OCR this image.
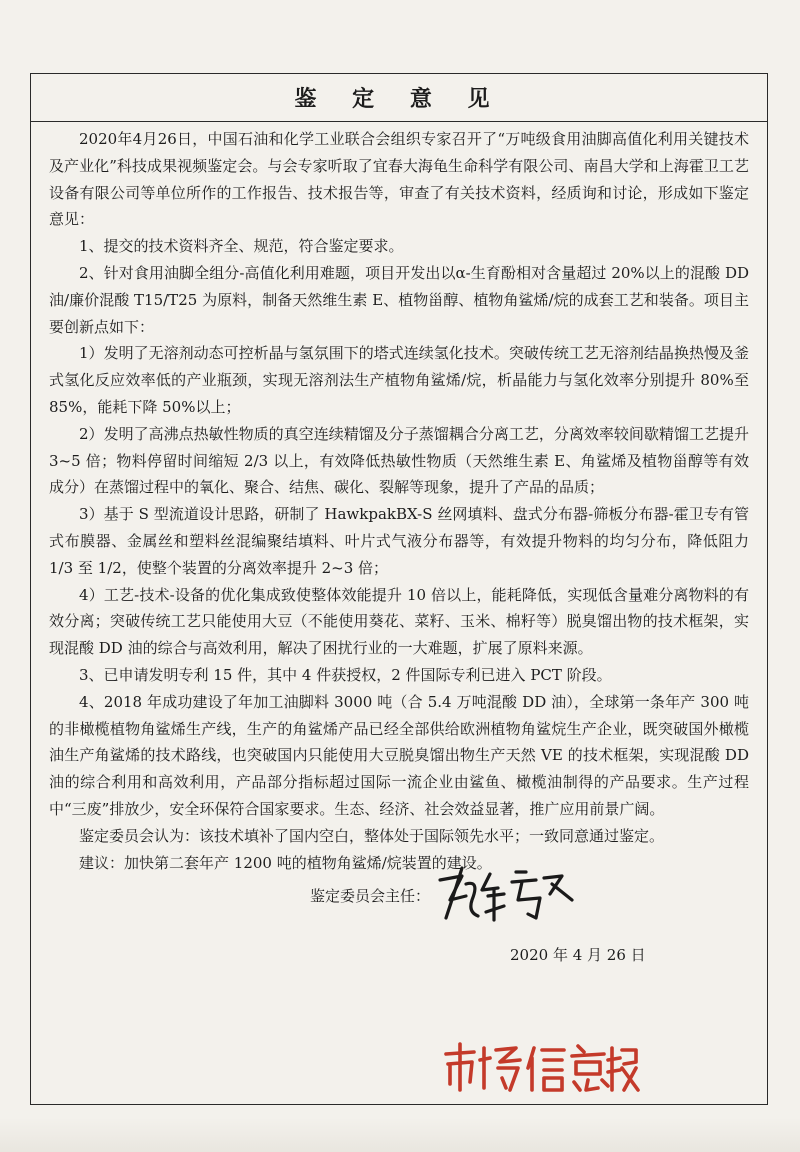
鉴 定 意 见

2020年4月26日，中国石油和化学工业联合会组织专家召开了“万吨级食用油脚高值化利用关键技术及产业化”科技成果视频鉴定会。与会专家听取了宜春大海龟生命科学有限公司、南昌大学和上海霍卫工艺设备有限公司等单位所作的工作报告、技术报告等，审查了有关技术资料，经质询和讨论，形成如下鉴定意见：

1、提交的技术资料齐全、规范，符合鉴定要求。

2、针对食用油脚全组分-高值化利用难题，项目开发出以α-生育酚相对含量超过 20%以上的混酸 DD 油/廉价混酸 T15/T25 为原料，制备天然维生素 E、植物甾醇、植物角鲨烯/烷的成套工艺和装备。项目主要创新点如下：

1）发明了无溶剂动态可控析晶与氢氛围下的塔式连续氢化技术。突破传统工艺无溶剂结晶换热慢及釜式氢化反应效率低的产业瓶颈，实现无溶剂法生产植物角鲨烯/烷，析晶能力与氢化效率分别提升 80%至 85%，能耗下降 50%以上；

2）发明了高沸点热敏性物质的真空连续精馏及分子蒸馏耦合分离工艺，分离效率较间歇精馏工艺提升 3~5 倍；物料停留时间缩短 2/3 以上，有效降低热敏性物质（天然维生素 E、角鲨烯及植物甾醇等有效成分）在蒸馏过程中的氧化、聚合、结焦、碳化、裂解等现象，提升了产品的品质；

3）基于 S 型流道设计思路，研制了 HawkpakBX-S 丝网填料、盘式分布器-筛板分布器-霍卫专有管式布膜器、金属丝和塑料丝混编聚结填料、叶片式气液分布器等，有效提升物料的均匀分布，降低阻力 1/3 至 1/2，使整个装置的分离效率提升 2~3 倍；

4）工艺-技术-设备的优化集成致使整体效能提升 10 倍以上，能耗降低，实现低含量难分离物料的有效分离；突破传统工艺只能使用大豆（不能使用葵花、菜籽、玉米、棉籽等）脱臭馏出物的技术框架，实现混酸 DD 油的综合与高效利用，解决了困扰行业的一大难题，扩展了原料来源。

3、已申请发明专利 15 件，其中 4 件获授权，2 件国际专利已进入 PCT 阶段。

4、2018 年成功建设了年加工油脚料 3000 吨（合 5.4 万吨混酸 DD 油），全球第一条年产 300 吨的非橄榄植物角鲨烯生产线，生产的角鲨烯产品已经全部供给欧洲植物角鲨烷生产企业，既突破国外橄榄油生产角鲨烯的技术路线，也突破国内只能使用大豆脱臭馏出物生产天然 VE 的技术框架，实现混酸 DD 油的综合利用和高效利用，产品部分指标超过国际一流企业由鲨鱼、橄榄油制得的产品要求。生产过程中“三废”排放少，安全环保符合国家要求。生态、经济、社会效益显著，推广应用前景广阔。

鉴定委员会认为：该技术填补了国内空白，整体处于国际领先水平；一致同意通过鉴定。

建议：加快第二套年产 1200 吨的植物角鲨烯/烷装置的建设。

鉴定委员会主任：
2020 年 4 月 26 日
